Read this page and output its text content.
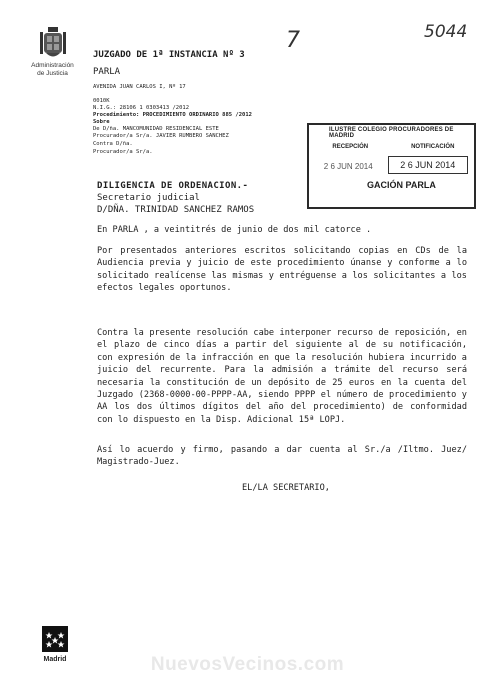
Administración
de Justicia
7	5044
JUZGADO DE 1ª INSTANCIA Nº 3
PARLA
AVENIDA JUAN CARLOS I, Nº 17
0010K
N.I.G.: 28106 1 0303413 /2012
Procedimiento: PROCEDIMIENTO ORDINARIO 885 /2012
Sobre
De D/ña. MANCOMUNIDAD RESIDENCIAL ESTE
Procurador/a Sr/a. JAVIER RUMBERO SANCHEZ
Contra D/ña.
Procurador/a Sr/a.
ILUSTRE COLEGIO PROCURADORES DE MADRID
RECEPCIÓN	NOTIFICACIÓN
2 6 JUN 2014	2 6 JUN 2014
GACIÓN PARLA
DILIGENCIA DE ORDENACION.-
Secretario judicial
D/DÑA. TRINIDAD SANCHEZ RAMOS
En PARLA , a veintitrés de junio de dos mil catorce .
Por presentados anteriores escritos solicitando copias en CDs de la Audiencia previa y juicio de este procedimiento únanse y conforme a lo solicitado realícense las mismas y entréguense a los solicitantes a los efectos legales oportunos.
Contra la presente resolución cabe interponer recurso de reposición, en el plazo de cinco días a partir del siguiente al de su notificación, con expresión de la infracción en que la resolución hubiera incurrido a juicio del recurrente. Para la admisión a trámite del recurso será necesaria la constitución de un depósito de 25 euros en la cuenta del Juzgado (2368-0000-00-PPPP-AA, siendo PPPP el número de procedimiento y AA los dos últimos dígitos del año del procedimiento) de conformidad con lo dispuesto en la Disp. Adicional 15ª LOPJ.
Así lo acuerdo y firmo, pasando a dar cuenta al Sr./a /Iltmo. Juez/ Magistrado-Juez.
EL/LA SECRETARIO,
Madrid	NuevosVecinos.com
